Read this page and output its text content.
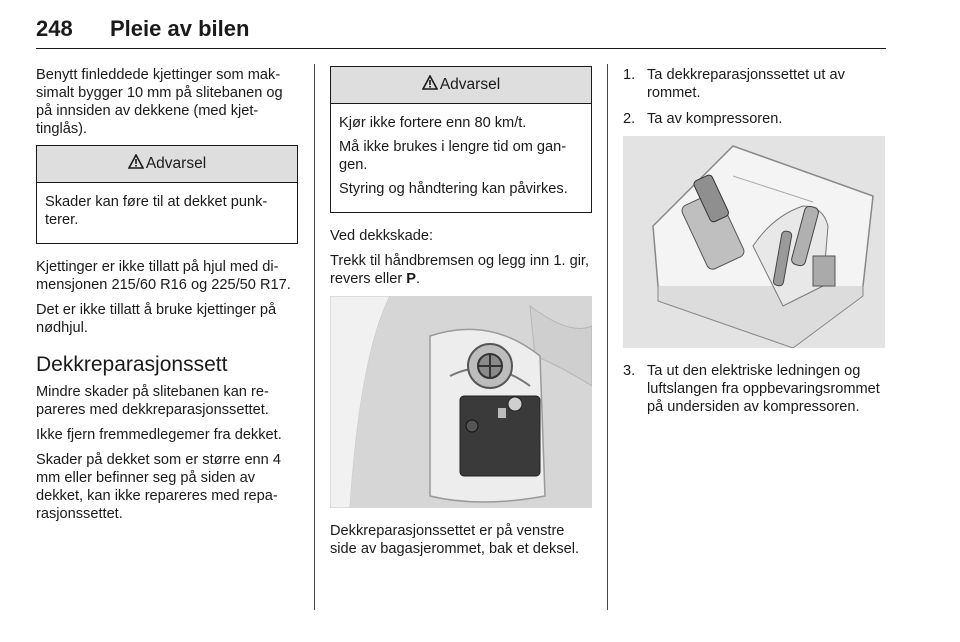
248 Pleie av bilen

Benytt finleddede kjettinger som maksimalt bygger 10 mm på slitebanen og på innsiden av dekkene (med kjettinglås).

Advarsel

Skader kan føre til at dekket punkterer.

Kjettinger er ikke tillatt på hjul med dimensjonen 215/60 R16 og 225/50 R17.

Det er ikke tillatt å bruke kjettinger på nødhjul.

Dekkreparasjonssett

Mindre skader på slitebanen kan repareres med dekkreparasjonssettet.

Ikke fjern fremmedlegemer fra dekket.

Skader på dekket som er større enn 4 mm eller befinner seg på siden av dekket, kan ikke repareres med reparasjonssettet.

Advarsel

Kjør ikke fortere enn 80 km/t.

Må ikke brukes i lengre tid om gangen.

Styring og håndtering kan påvirkes.

Ved dekkskade:

Trekk til håndbremsen og legg inn 1. gir, revers eller P.

Dekkreparasjonssettet er på venstre side av bagasjerommet, bak et deksel.

1. Ta dekkreparasjonssettet ut av rommet.
2. Ta av kompressoren.
3. Ta ut den elektriske ledningen og luftslangen fra oppbevaringsrommet på undersiden av kompressoren.
